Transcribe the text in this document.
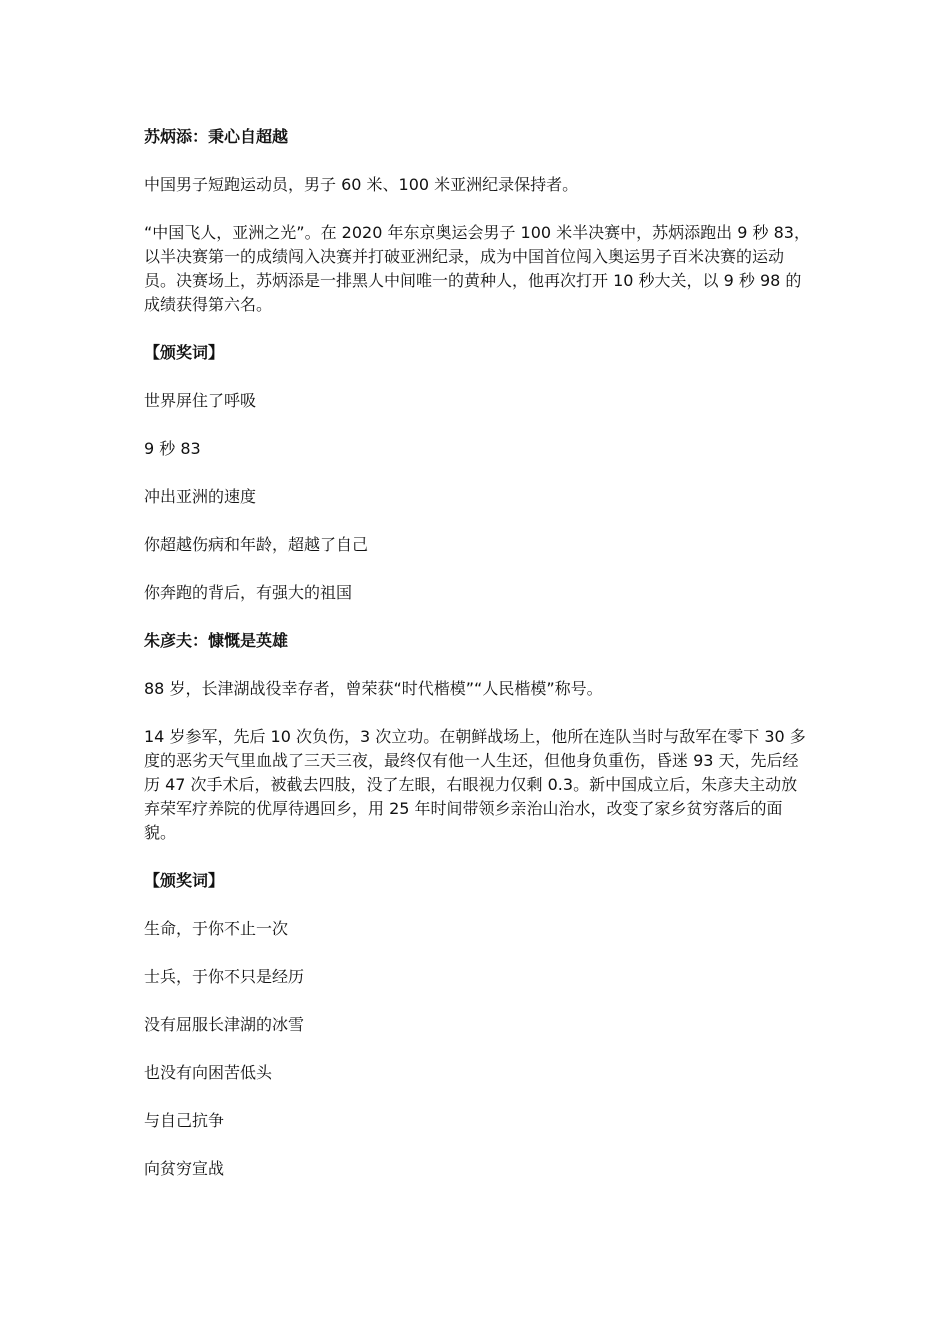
苏炳添：秉心自超越
中国男子短跑运动员，男子 60 米、100 米亚洲纪录保持者。
“中国飞人，亚洲之光”。在 2020 年东京奥运会男子 100 米半决赛中，苏炳添跑出 9 秒 83，以半决赛第一的成绩闯入决赛并打破亚洲纪录，成为中国首位闯入奥运男子百米决赛的运动员。决赛场上，苏炳添是一排黑人中间唯一的黄种人，他再次打开 10 秒大关，以 9 秒 98 的成绩获得第六名。
【颁奖词】
世界屏住了呼吸
9 秒 83
冲出亚洲的速度
你超越伤病和年龄，超越了自己
你奔跑的背后，有强大的祖国
朱彦夫：慷慨是英雄
88 岁，长津湖战役幸存者，曾荣获“时代楷模”“人民楷模”称号。
14 岁参军，先后 10 次负伤，3 次立功。在朝鲜战场上，他所在连队当时与敌军在零下 30 多度的恶劣天气里血战了三天三夜，最终仅有他一人生还，但他身负重伤，昏迷 93 天，先后经历 47 次手术后，被截去四肢，没了左眼，右眼视力仅剩 0.3。新中国成立后，朱彦夫主动放弃荣军疗养院的优厚待遇回乡，用 25 年时间带领乡亲治山治水，改变了家乡贫穷落后的面貌。
【颁奖词】
生命，于你不止一次
士兵，于你不只是经历
没有屈服长津湖的冰雪
也没有向困苦低头
与自己抗争
向贫穷宣战
